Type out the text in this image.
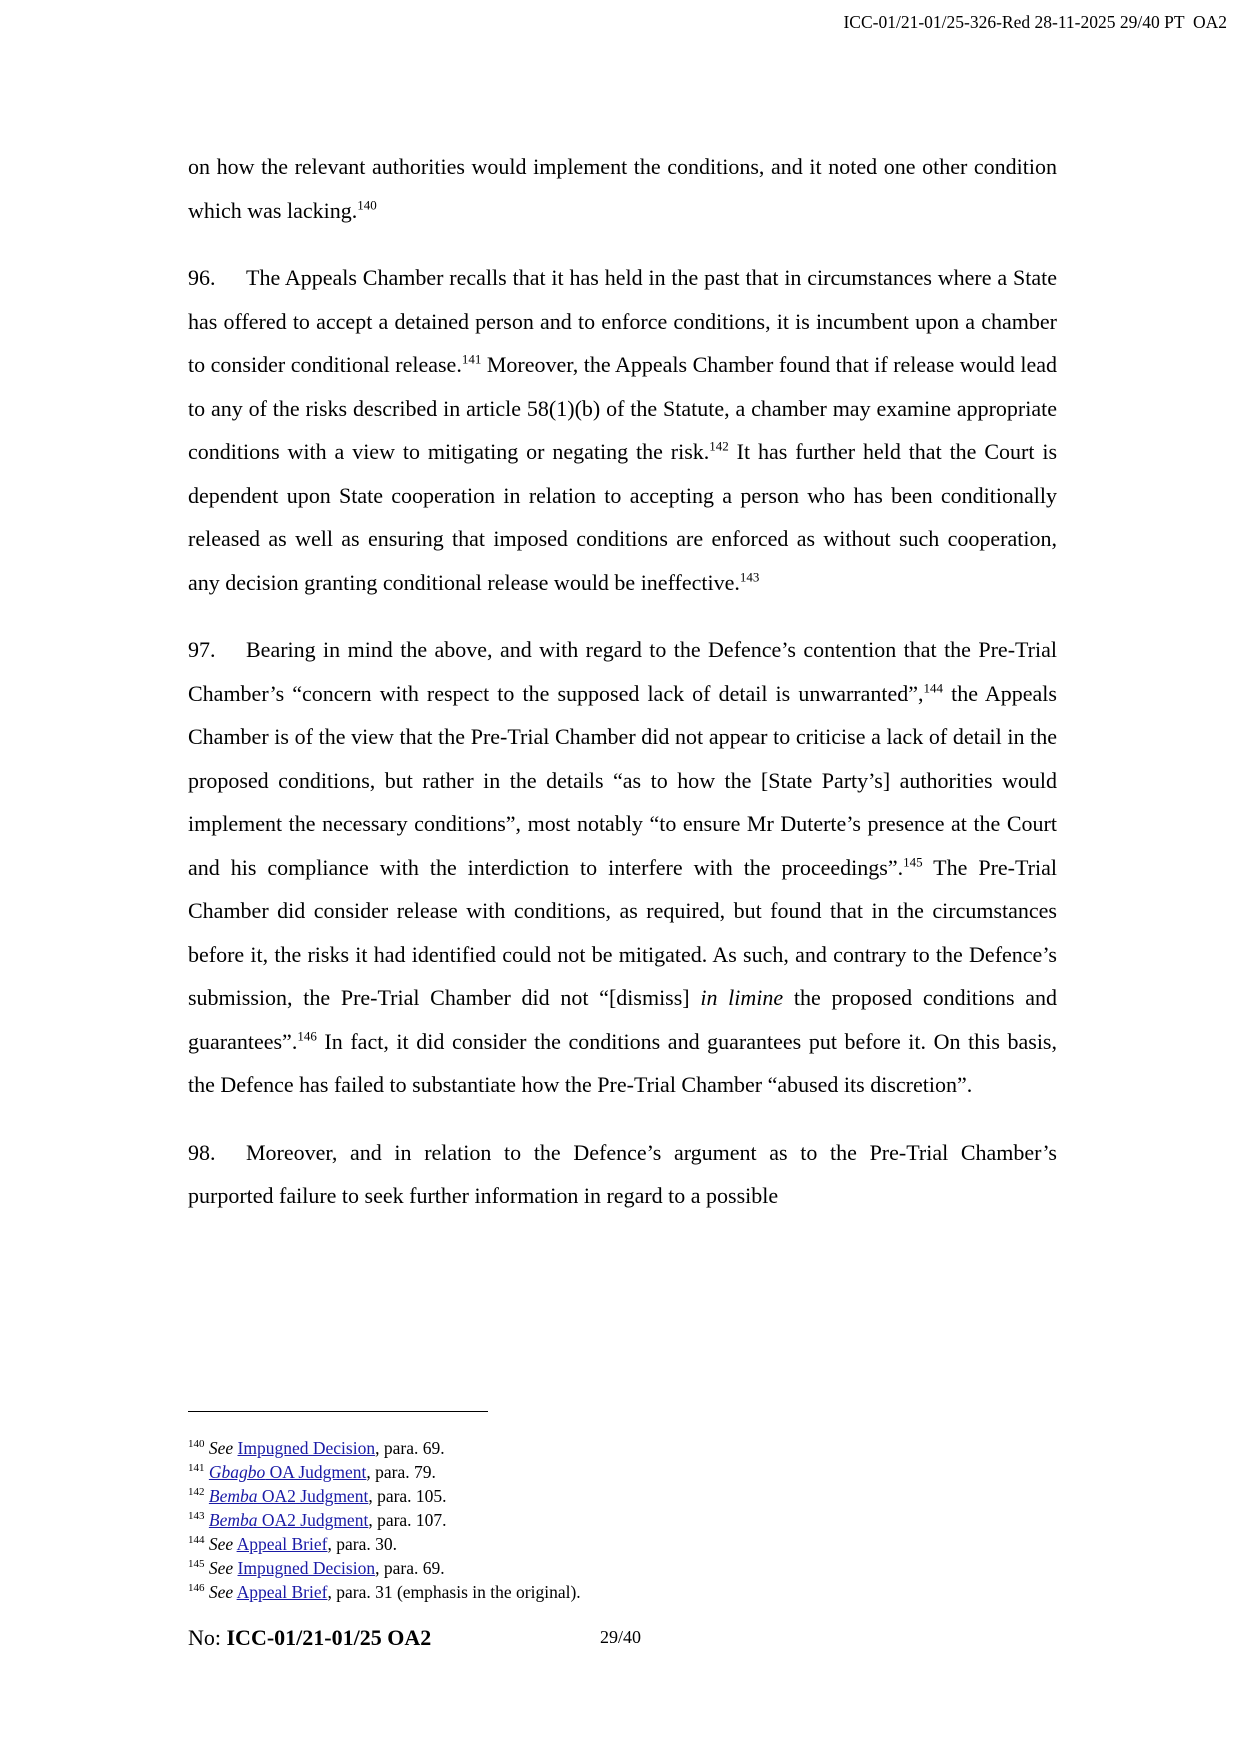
ICC-01/21-01/25-326-Red 28-11-2025 29/40 PT  OA2

on how the relevant authorities would implement the conditions, and it noted one other condition which was lacking.$^{140}$

96. The Appeals Chamber recalls that it has held in the past that in circumstances where a State has offered to accept a detained person and to enforce conditions, it is incumbent upon a chamber to consider conditional release.$^{141}$ Moreover, the Appeals Chamber found that if release would lead to any of the risks described in article 58(1)(b) of the Statute, a chamber may examine appropriate conditions with a view to mitigating or negating the risk.$^{142}$ It has further held that the Court is dependent upon State cooperation in relation to accepting a person who has been conditionally released as well as ensuring that imposed conditions are enforced as without such cooperation, any decision granting conditional release would be ineffective.$^{143}$

97. Bearing in mind the above, and with regard to the Defence’s contention that the Pre-Trial Chamber’s “concern with respect to the supposed lack of detail is unwarranted”,$^{144}$ the Appeals Chamber is of the view that the Pre-Trial Chamber did not appear to criticise a lack of detail in the proposed conditions, but rather in the details “as to how the [State Party’s] authorities would implement the necessary conditions”, most notably “to ensure Mr Duterte’s presence at the Court and his compliance with the interdiction to interfere with the proceedings”.$^{145}$ The Pre-Trial Chamber did consider release with conditions, as required, but found that in the circumstances before it, the risks it had identified could not be mitigated. As such, and contrary to the Defence’s submission, the Pre-Trial Chamber did not “[dismiss] in limine the proposed conditions and guarantees”.$^{146}$ In fact, it did consider the conditions and guarantees put before it. On this basis, the Defence has failed to substantiate how the Pre-Trial Chamber “abused its discretion”.

98. Moreover, and in relation to the Defence’s argument as to the Pre-Trial Chamber’s purported failure to seek further information in regard to a possible

$^{140}$ See Impugned Decision, para. 69.
$^{141}$ Gbagbo OA Judgment, para. 79.
$^{142}$ Bemba OA2 Judgment, para. 105.
$^{143}$ Bemba OA2 Judgment, para. 107.
$^{144}$ See Appeal Brief, para. 30.
$^{145}$ See Impugned Decision, para. 69.
$^{146}$ See Appeal Brief, para. 31 (emphasis in the original).
No: ICC-01/21-01/25 OA2	29/40
